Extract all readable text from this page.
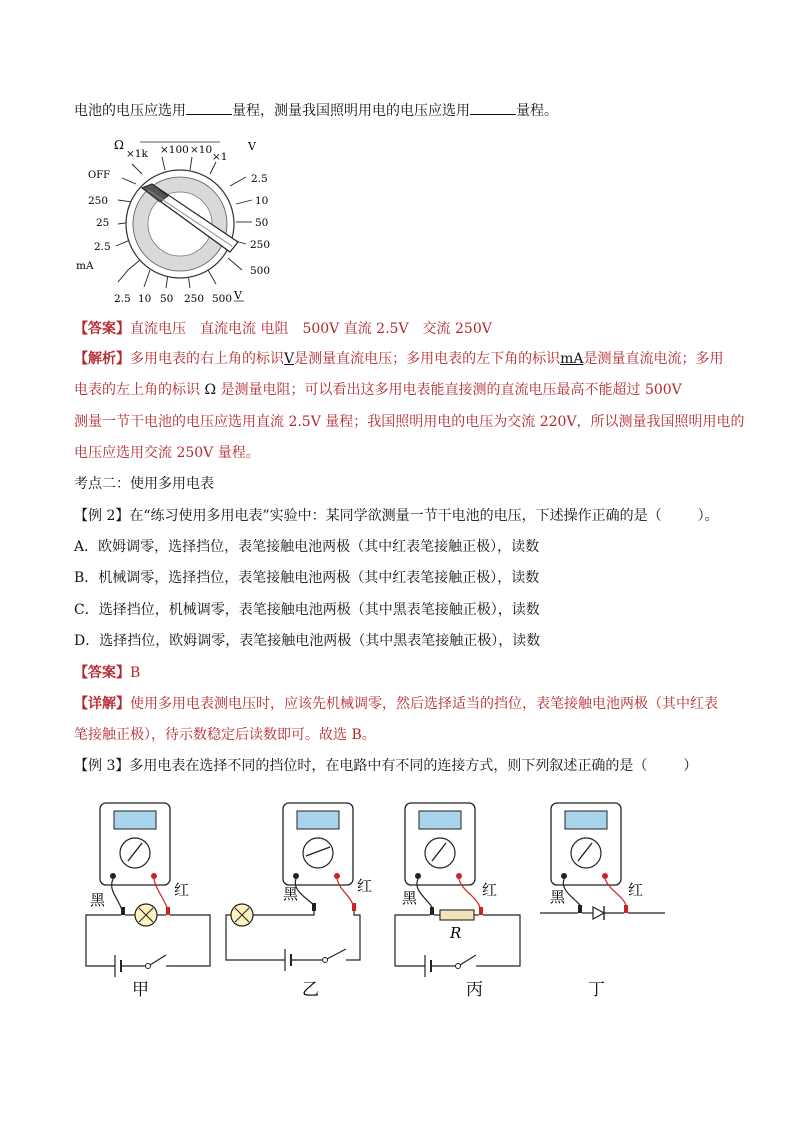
电池的电压应选用	量程，测量我国照明用电的电压应选用	量程。
Ω
×1k ×100 ×10
×1
V
OFF
250
25
2.5
mA
2.5
10
50
250
500
2.5 10 50 250 500 V
【答案】直流电压　直流电流 电阻　500V 直流 2.5V　交流 250V
【解析】多用电表的右上角的标识V是测量直流电压；多用电表的左下角的标识mA是测量直流电流；多用
电表的左上角的标识 Ω 是测量电阻；可以看出这多用电表能直接测的直流电压最高不能超过 500V
测量一节干电池的电压应选用直流 2.5V 量程；我国照明用电的电压为交流 220V，所以测量我国照明用电的
电压应选用交流 250V 量程。
考点二：使用多用电表
【例 2】在“练习使用多用电表”实验中：某同学欲测量一节干电池的电压，下述操作正确的是（	）。
A．欧姆调零，选择挡位，表笔接触电池两极（其中红表笔接触正极），读数
B．机械调零，选择挡位，表笔接触电池两极（其中红表笔接触正极），读数
C．选择挡位，机械调零，表笔接触电池两极（其中黑表笔接触正极），读数
D．选择挡位，欧姆调零，表笔接触电池两极（其中黑表笔接触正极），读数
【答案】B
【详解】使用多用电表测电压时，应该先机械调零，然后选择适当的挡位，表笔接触电池两极（其中红表
笔接触正极），待示数稳定后读数即可。故选 B。
【例 3】多用电表在选择不同的挡位时，在电路中有不同的连接方式，则下列叙述正确的是（	）
黑
红
甲
黑	红
乙
黑	红
R
丙
黑	红
丁
